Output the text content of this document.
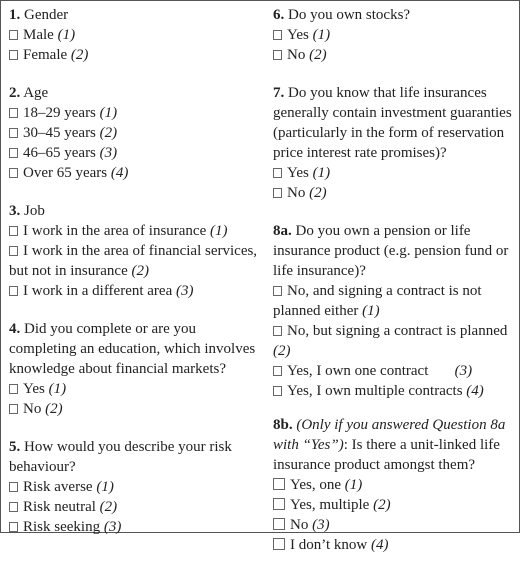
1. Gender

Male (1)

Female (2)

2. Age

18–29 years (1)

30–45 years (2)

46–65 years (3)

Over 65 years (4)

3. Job

I work in the area of insurance (1)

I work in the area of financial services, but not in insurance (2)

I work in a different area (3)

4. Did you complete or are you completing an education, which involves knowledge about financial markets?

Yes (1)

No (2)

5. How would you describe your risk behaviour?

Risk averse (1)

Risk neutral (2)

Risk seeking (3)

6. Do you own stocks?

Yes (1)

No (2)

7. Do you know that life insurances generally contain investment guaranties (particularly in the form of reservation price interest rate promises)?

Yes (1)

No (2)

8a. Do you own a pension or life insurance product (e.g. pension fund or life insurance)?

No, and signing a contract is not planned either (1)

No, but signing a contract is planned (2)

Yes, I own one contract       (3)

Yes, I own multiple contracts (4)

8b. (Only if you answered Question 8a with “Yes”): Is there a unit-linked life insurance product amongst them?

Yes, one (1)

Yes, multiple (2)

No (3)

I don’t know (4)
